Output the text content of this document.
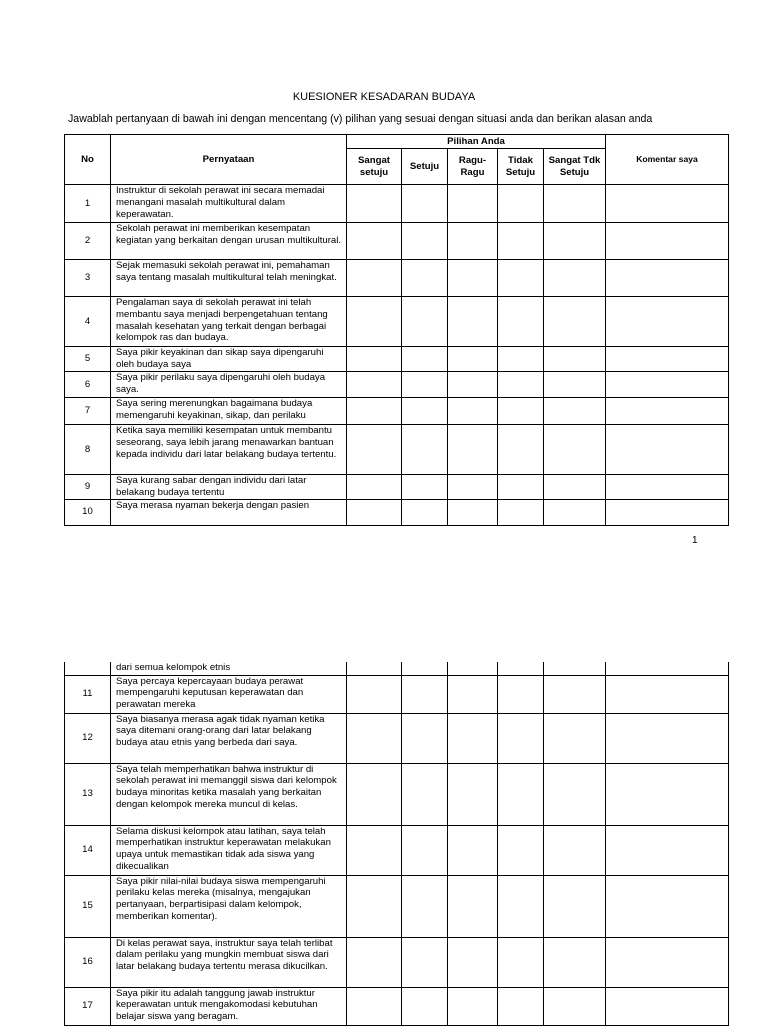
KUESIONER KESADARAN BUDAYA
Jawablah pertanyaan di bawah ini dengan mencentang (v) pilihan yang sesuai dengan situasi anda dan berikan alasan anda
No	Pernyataan	Pilihan Anda					Komentar saya
		Sangat setuju	Setuju	Ragu-Ragu	Tidak Setuju	Sangat Tdk Setuju	
1	Instruktur di sekolah perawat ini secara memadai menangani masalah multikultural dalam keperawatan.						
2	Sekolah perawat ini memberikan kesempatan kegiatan yang berkaitan dengan urusan multikultural.						
3	Sejak memasuki sekolah perawat ini, pemahaman saya tentang masalah multikultural telah meningkat.						
4	Pengalaman saya di sekolah perawat ini telah membantu saya menjadi berpengetahuan tentang masalah kesehatan yang terkait dengan berbagai kelompok ras dan budaya.						
5	Saya pikir keyakinan dan sikap saya dipengaruhi oleh budaya saya						
6	Saya pikir perilaku saya dipengaruhi oleh budaya saya.						
7	Saya sering merenungkan bagaimana budaya memengaruhi keyakinan, sikap, dan perilaku						
8	Ketika saya memiliki kesempatan untuk membantu seseorang, saya lebih jarang menawarkan bantuan kepada individu dari latar belakang budaya tertentu.						
9	Saya kurang sabar dengan individu dari latar belakang budaya tertentu						
10	Saya merasa nyaman bekerja dengan pasien						
1
	dari semua kelompok etnis						
11	Saya percaya kepercayaan budaya perawat mempengaruhi keputusan keperawatan dan perawatan mereka						
12	Saya biasanya merasa agak tidak nyaman ketika saya ditemani orang-orang dari latar belakang budaya atau etnis yang berbeda dari saya.						
13	Saya telah memperhatikan bahwa instruktur di sekolah perawat ini memanggil siswa dari kelompok budaya minoritas ketika masalah yang berkaitan dengan kelompok mereka muncul di kelas.						
14	Selama diskusi kelompok atau latihan, saya telah memperhatikan instruktur keperawatan melakukan upaya untuk memastikan tidak ada siswa yang dikecualikan						
15	Saya pikir nilai-nilai budaya siswa mempengaruhi perilaku kelas mereka (misalnya, mengajukan pertanyaan, berpartisipasi dalam kelompok, memberikan komentar).						
16	Di kelas perawat saya, instruktur saya telah terlibat dalam perilaku yang mungkin membuat siswa dari latar belakang budaya tertentu merasa dikucilkan.						
17	Saya pikir itu adalah tanggung jawab instruktur keperawatan untuk mengakomodasi kebutuhan belajar siswa yang beragam.						
